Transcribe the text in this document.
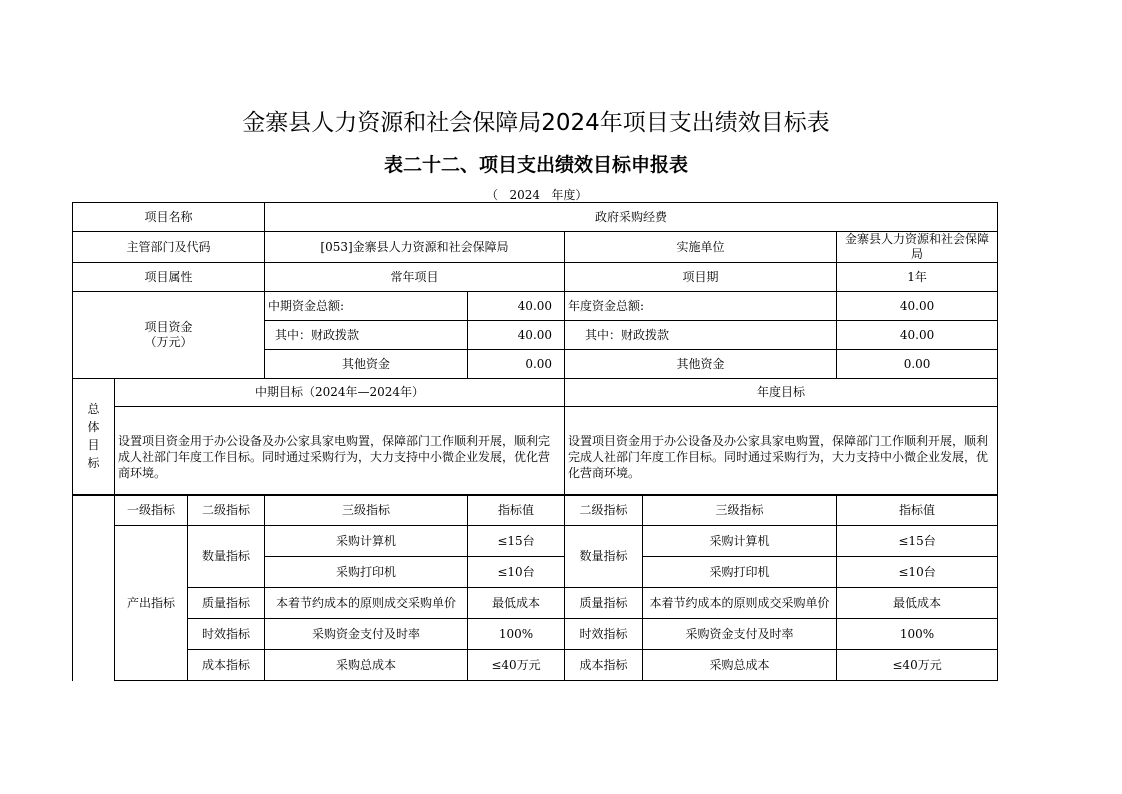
金寨县人力资源和社会保障局2024年项目支出绩效目标表
表二十二、项目支出绩效目标申报表
（   2024   年度）
项目名称			政府采购经费				
主管部门及代码			[053]金寨县人力资源和社会保障局		实施单位		金寨县人力资源和社会保障局
项目属性			常年项目		项目期		1年

项目资金
（万元）			中期资金总额:	40.00	年度资金总额:		40.00
			其中：财政拨款	40.00	其中：财政拨款		40.00
			其他资金	0.00	其他资金		0.00

总
体
目
标	中期目标（2024年—2024年）				年度目标		
	设置项目资金用于办公设备及办公家具家电购置，保障部门工作顺利开展，顺利完成人社部门年度工作目标。同时通过采购行为，大力支持中小微企业发展，优化营商环境。				设置项目资金用于办公设备及办公家具家电购置，保障部门工作顺利开展，顺利完成人社部门年度工作目标。同时通过采购行为，大力支持中小微企业发展，优化营商环境。		
	一级指标	二级指标	三级指标	指标值	二级指标	三级指标	指标值
	产出指标	数量指标	采购计算机	≤15台	数量指标	采购计算机	≤15台
			采购打印机	≤10台		采购打印机	≤10台
		质量指标	本着节约成本的原则成交采购单价	最低成本	质量指标	本着节约成本的原则成交采购单价	最低成本
		时效指标	采购资金支付及时率	100%	时效指标	采购资金支付及时率	100%
		成本指标	采购总成本	≤40万元	成本指标	采购总成本	≤40万元
